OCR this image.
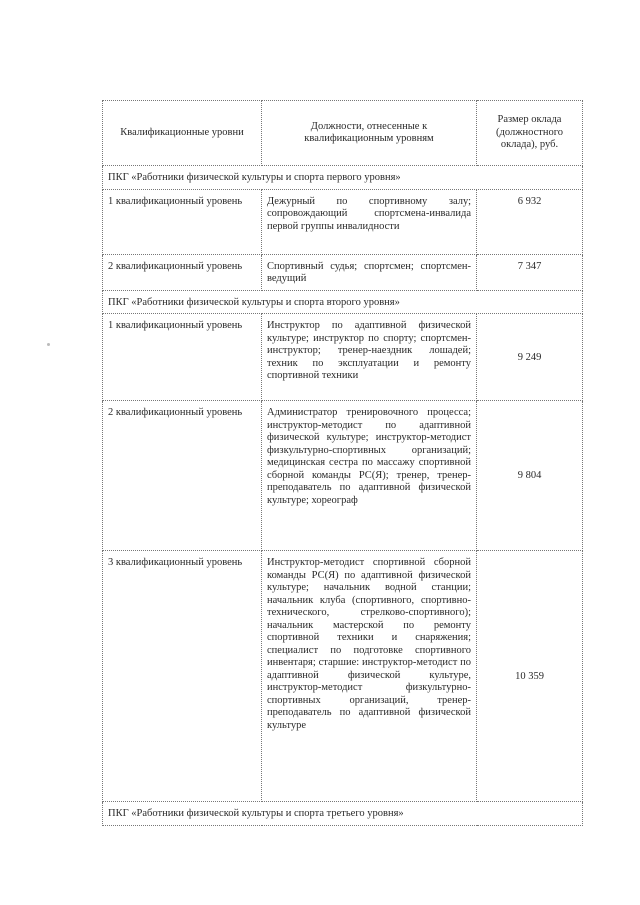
Квалификационные уровни	Должности, отнесенные к квалификационным уровням	Размер оклада (должностного оклада), руб.
ПКГ «Работники физической культуры и спорта первого уровня»		
1 квалификационный уровень	Дежурный по спортивному залу; сопровождающий спортсмена-инвалида первой группы инвалидности	6 932
2 квалификационный уровень	Спортивный судья; спортсмен; спортсмен-ведущий	7 347
ПКГ «Работники физической культуры и спорта второго уровня»		
1 квалификационный уровень	Инструктор по адаптивной физической культуре; инструктор по спорту; спортсмен-инструктор; тренер-наездник лошадей; техник по эксплуатации и ремонту спортивной техники	9 249
2 квалификационный уровень	Администратор тренировочного процесса; инструктор-методист по адаптивной физической культуре; инструктор-методист физкультурно-спортивных организаций; медицинская сестра по массажу спортивной сборной команды РС(Я); тренер, тренер-преподаватель по адаптивной физической культуре; хореограф	9 804
3 квалификационный уровень	Инструктор-методист спортивной сборной команды РС(Я) по адаптивной физической культуре; начальник водной станции; начальник клуба (спортивного, спортивно-технического, стрелково-спортивного); начальник мастерской по ремонту спортивной техники и снаряжения; специалист по подготовке спортивного инвентаря; старшие: инструктор-методист по адаптивной физической культуре, инструктор-методист физкультурно-спортивных организаций, тренер-преподаватель по адаптивной физической культуре	10 359
ПКГ «Работники физической культуры и спорта третьего уровня»		
